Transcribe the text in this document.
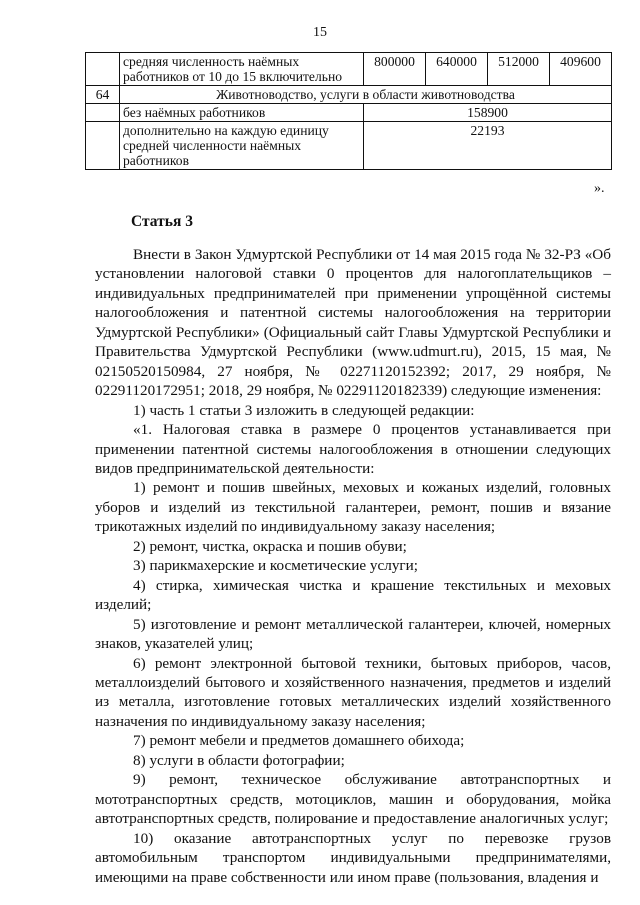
15
	средняя численность наёмных работников от 10 до 15 включительно	800000	640000	512000	409600
64	Животноводство, услуги в области животноводства				
	без наёмных работников	158900			
	дополнительно на каждую единицу средней численности наёмных работников	22193			
».
Статья 3

Внести в Закон Удмуртской Республики от 14 мая 2015 года № 32-РЗ «Об установлении налоговой ставки 0 процентов для налогоплательщиков – индивидуальных предпринимателей при применении упрощённой системы налогообложения и патентной системы налогообложения на территории Удмуртской Республики» (Официальный сайт Главы Удмуртской Республики и Правительства Удмуртской Республики (www.udmurt.ru), 2015, 15 мая, № 02150520150984, 27 ноября, № 02271120152392; 2017, 29 ноября, № 02291120172951; 2018, 29 ноября, № 02291120182339) следующие изменения:

1) часть 1 статьи 3 изложить в следующей редакции:

«1. Налоговая ставка в размере 0 процентов устанавливается при применении патентной системы налогообложения в отношении следующих видов предпринимательской деятельности:

1) ремонт и пошив швейных, меховых и кожаных изделий, головных уборов и изделий из текстильной галантереи, ремонт, пошив и вязание трикотажных изделий по индивидуальному заказу населения;

2) ремонт, чистка, окраска и пошив обуви;

3) парикмахерские и косметические услуги;

4) стирка, химическая чистка и крашение текстильных и меховых изделий;

5) изготовление и ремонт металлической галантереи, ключей, номерных знаков, указателей улиц;

6) ремонт электронной бытовой техники, бытовых приборов, часов, металлоизделий бытового и хозяйственного назначения, предметов и изделий из металла, изготовление готовых металлических изделий хозяйственного назначения по индивидуальному заказу населения;

7) ремонт мебели и предметов домашнего обихода;

8) услуги в области фотографии;

9) ремонт, техническое обслуживание автотранспортных и мототранспортных средств, мотоциклов, машин и оборудования, мойка автотранспортных средств, полирование и предоставление аналогичных услуг;

10) оказание автотранспортных услуг по перевозке грузов автомобильным транспортом индивидуальными предпринимателями, имеющими на праве собственности или ином праве (пользования, владения и
